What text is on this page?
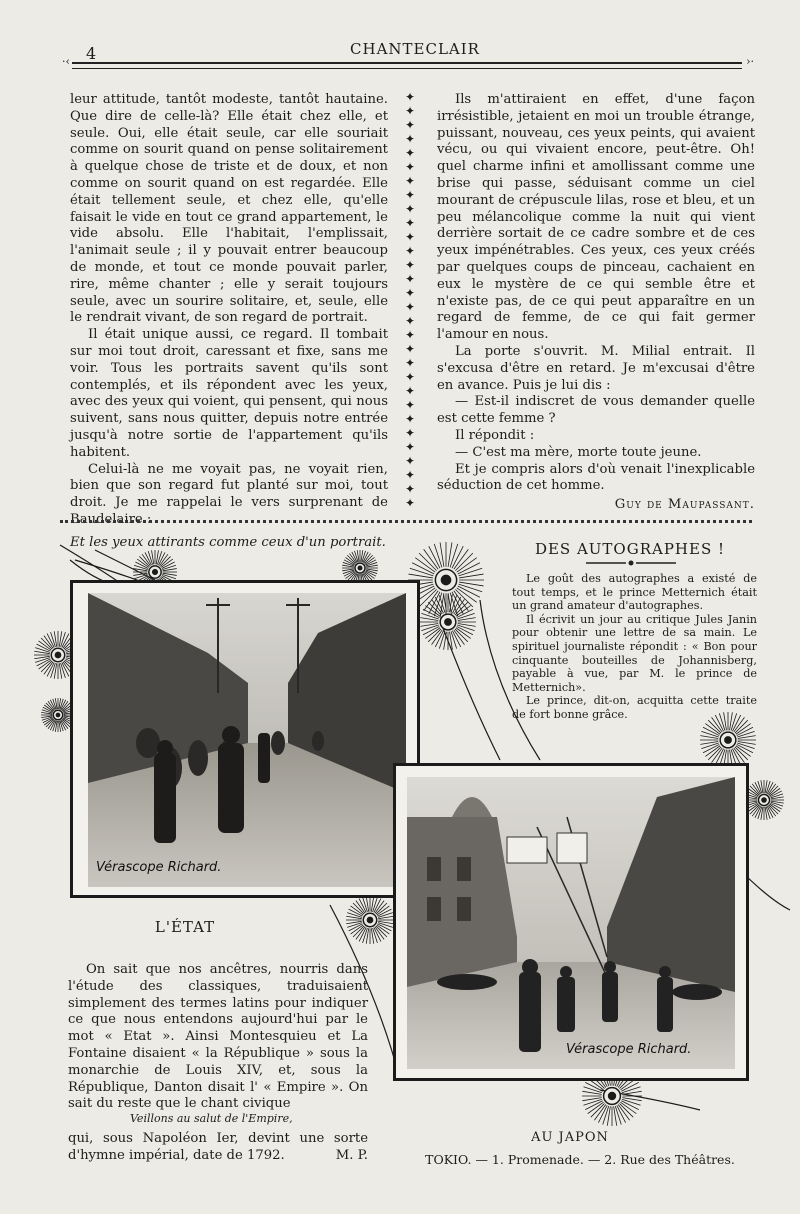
4	CHANTECLAIR
·‹ ›·

leur attitude, tantôt modeste, tantôt hautaine. Que dire de celle-là? Elle était chez elle, et seule. Oui, elle était seule, car elle souriait comme on sourit quand on pense solitairement à quelque chose de triste et de doux, et non comme on sourit quand on est regardée. Elle était tellement seule, et chez elle, qu'elle faisait le vide en tout ce grand appartement, le vide absolu. Elle l'habitait, l'emplissait, l'animait seule ; il y pouvait entrer beaucoup de monde, et tout ce monde pouvait parler, rire, même chanter ; elle y serait toujours seule, avec un sourire solitaire, et, seule, elle le rendrait vivant, de son regard de portrait.

Il était unique aussi, ce regard. Il tombait sur moi tout droit, caressant et fixe, sans me voir. Tous les portraits savent qu'ils sont contemplés, et ils répondent avec les yeux, avec des yeux qui voient, qui pensent, qui nous suivent, sans nous quitter, depuis notre entrée jusqu'à notre sortie de l'appartement qu'ils habitent.

Celui-là ne me voyait pas, ne voyait rien, bien que son regard fut planté sur moi, tout droit. Je me rappelai le vers surprenant de Baudelaire :

Et les yeux attirants comme ceux d'un portrait.

✦
✦
✦
✦
✦
✦
✦
✦
✦
✦
✦
✦
✦
✦
✦
✦
✦
✦
✦
✦
✦
✦
✦
✦
✦
✦
✦
✦
✦
✦

Ils m'attiraient en effet, d'une façon irrésistible, jetaient en moi un trouble étrange, puissant, nouveau, ces yeux peints, qui avaient vécu, ou qui vivaient encore, peut-être. Oh! quel charme infini et amollissant comme une brise qui passe, séduisant comme un ciel mourant de crépuscule lilas, rose et bleu, et un peu mélancolique comme la nuit qui vient derrière sortait de ce cadre sombre et de ces yeux impénétrables. Ces yeux, ces yeux créés par quelques coups de pinceau, cachaient en eux le mystère de ce qui semble être et n'existe pas, de ce qui peut apparaître en un regard de femme, de ce qui fait germer l'amour en nous.

La porte s'ouvrit. M. Milial entrait. Il s'excusa d'être en retard. Je m'excusai d'être en avance. Puis je lui dis :

— Est-il indiscret de vous demander quelle est cette femme ?

Il répondit :

— C'est ma mère, morte toute jeune.

Et je compris alors d'où venait l'inexplicable séduction de cet homme.

Guy de Maupassant.

Vérascope Richard.
Vérascope Richard.
DES AUTOGRAPHES !

Le goût des autographes a existé de tout temps, et le prince Metternich était un grand amateur d'autographes.

Il écrivit un jour au critique Jules Janin pour obtenir une lettre de sa main. Le spirituel journaliste répondit : « Bon pour cinquante bouteilles de Johannisberg, payable à vue, par M. le prince de Metternich».

Le prince, dit-on, acquitta cette traite de fort bonne grâce.

L'ÉTAT

On sait que nos ancêtres, nourris dans l'étude des classiques, traduisaient simplement des termes latins pour indiquer ce que nous entendons aujourd'hui par le mot « Etat ». Ainsi Montesquieu et La Fontaine disaient « la République » sous la monarchie de Louis XIV, et, sous la République, Danton disait l' « Empire ». On sait du reste que le chant civique

Veillons au salut de l'Empire,
qui, sous Napoléon Ier, devint une sorte d'hymne impérial, date de 1792.	M. P.
AU JAPON
TOKIO. — 1. Promenade. — 2. Rue des Théâtres.
